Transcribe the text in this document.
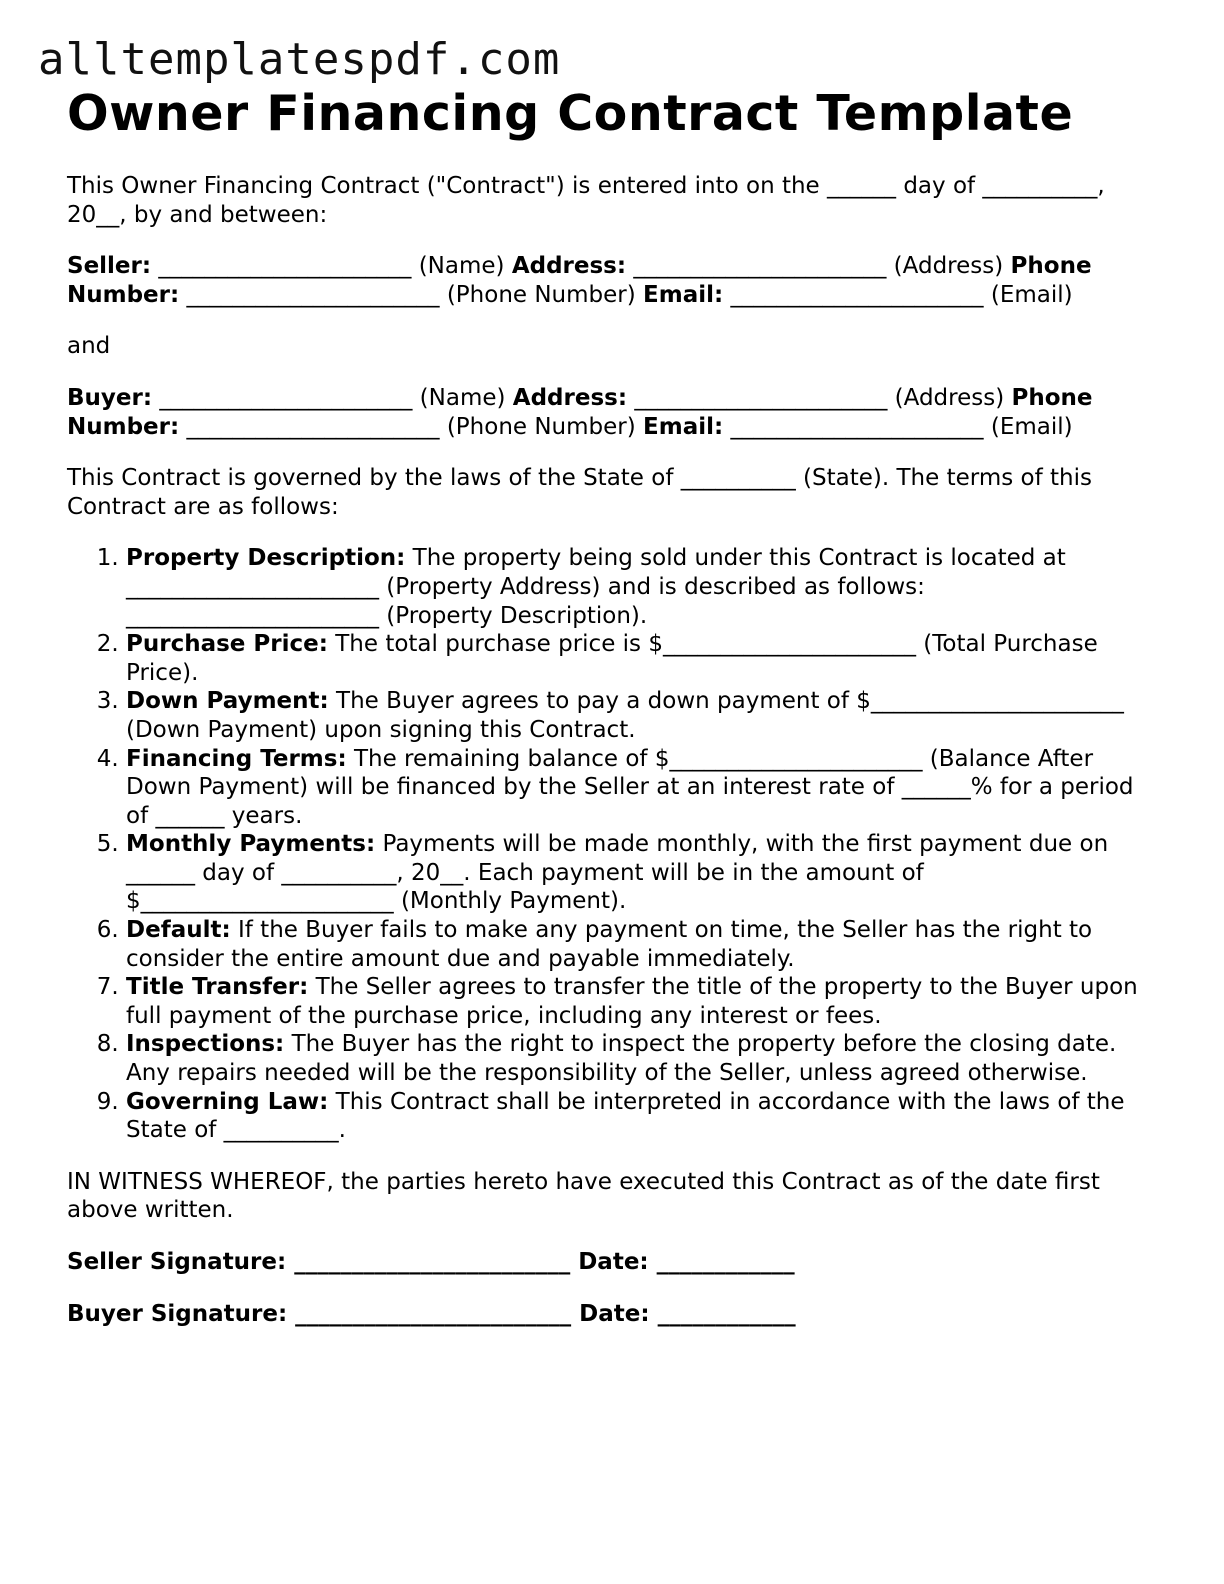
alltemplatespdf.com
Owner Financing Contract Template

This Owner Financing Contract ("Contract") is entered into on the ______ day of __________, 20__, by and between:

Seller: ______________________ (Name) Address: ______________________ (Address) Phone Number: ______________________ (Phone Number) Email: ______________________ (Email)

and

Buyer: ______________________ (Name) Address: ______________________ (Address) Phone Number: ______________________ (Phone Number) Email: ______________________ (Email)

This Contract is governed by the laws of the State of __________ (State). The terms of this Contract are as follows:

1. Property Description: The property being sold under this Contract is located at ______________________ (Property Address) and is described as follows: ______________________ (Property Description).
2. Purchase Price: The total purchase price is $______________________ (Total Purchase Price).
3. Down Payment: The Buyer agrees to pay a down payment of $______________________ (Down Payment) upon signing this Contract.
4. Financing Terms: The remaining balance of $______________________ (Balance After Down Payment) will be financed by the Seller at an interest rate of ______% for a period of ______ years.
5. Monthly Payments: Payments will be made monthly, with the first payment due on ______ day of __________, 20__. Each payment will be in the amount of $______________________ (Monthly Payment).
6. Default: If the Buyer fails to make any payment on time, the Seller has the right to consider the entire amount due and payable immediately.
7. Title Transfer: The Seller agrees to transfer the title of the property to the Buyer upon full payment of the purchase price, including any interest or fees.
8. Inspections: The Buyer has the right to inspect the property before the closing date. Any repairs needed will be the responsibility of the Seller, unless agreed otherwise.
9. Governing Law: This Contract shall be interpreted in accordance with the laws of the State of __________.

IN WITNESS WHEREOF, the parties hereto have executed this Contract as of the date first above written.

Seller Signature: ________________________ Date: ____________

Buyer Signature: ________________________ Date: ____________
